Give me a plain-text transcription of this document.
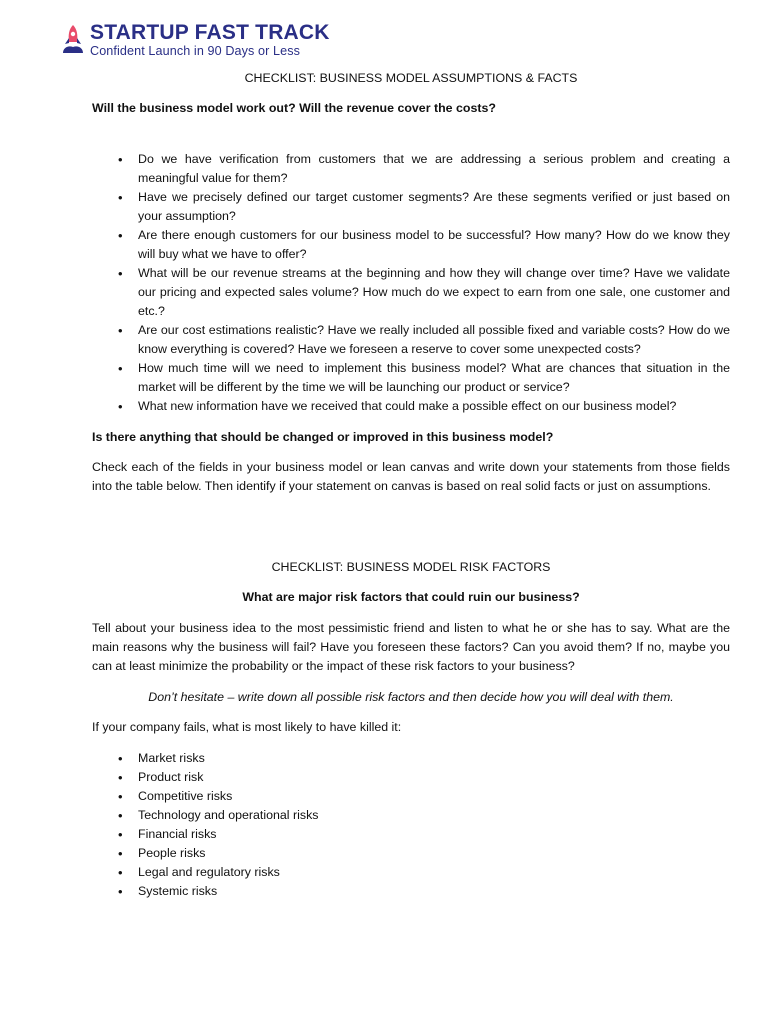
STARTUP FAST TRACK
Confident Launch in 90 Days or Less
CHECKLIST: BUSINESS MODEL ASSUMPTIONS & FACTS
Will the business model work out? Will the revenue cover the costs?
• Do we have verification from customers that we are addressing a serious problem and creating a meaningful value for them?
• Have we precisely defined our target customer segments? Are these segments verified or just based on your assumption?
• Are there enough customers for our business model to be successful? How many? How do we know they will buy what we have to offer?
• What will be our revenue streams at the beginning and how they will change over time? Have we validate our pricing and expected sales volume? How much do we expect to earn from one sale, one customer and etc.?
• Are our cost estimations realistic? Have we really included all possible fixed and variable costs? How do we know everything is covered? Have we foreseen a reserve to cover some unexpected costs?
• How much time will we need to implement this business model? What are chances that situation in the market will be different by the time we will be launching our product or service?
• What new information have we received that could make a possible effect on our business model?
Is there anything that should be changed or improved in this business model?
Check each of the fields in your business model or lean canvas and write down your statements from those fields into the table below. Then identify if your statement on canvas is based on real solid facts or just on assumptions.
CHECKLIST: BUSINESS MODEL RISK FACTORS
What are major risk factors that could ruin our business?
Tell about your business idea to the most pessimistic friend and listen to what he or she has to say. What are the main reasons why the business will fail? Have you foreseen these factors? Can you avoid them? If no, maybe you can at least minimize the probability or the impact of these risk factors to your business?
Don’t hesitate – write down all possible risk factors and then decide how you will deal with them.
If your company fails, what is most likely to have killed it:
• Market risks
• Product risk
• Competitive risks
• Technology and operational risks
• Financial risks
• People risks
• Legal and regulatory risks
• Systemic risks
